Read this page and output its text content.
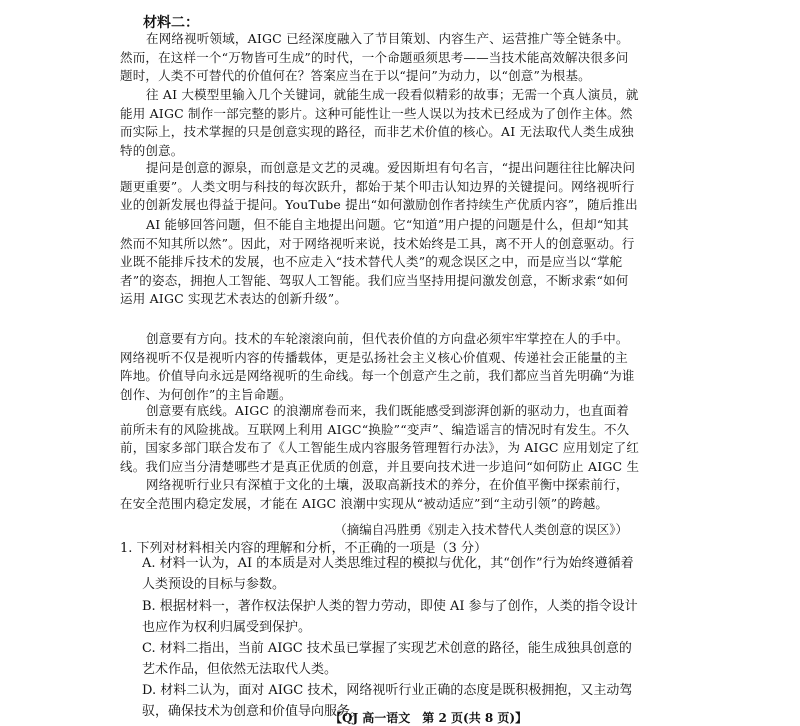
材料二：
在网络视听领域，AIGC 已经深度融入了节目策划、内容生产、运营推广等全链条中。然而，在这样一个“万物皆可生成”的时代，一个命题亟须思考——当技术能高效解决很多问题时，人类不可替代的价值何在？答案应当在于以“提问”为动力，以“创意”为根基。
往 AI 大模型里输入几个关键词，就能生成一段看似精彩的故事；无需一个真人演员，就能用 AIGC 制作一部完整的影片。这种可能性让一些人误以为技术已经成为了创作主体。然而实际上，技术掌握的只是创意实现的路径，而非艺术价值的核心。AI 无法取代人类生成独特的创意。
提问是创意的源泉，而创意是文艺的灵魂。爱因斯坦有句名言，“提出问题往往比解决问题更重要”。人类文明与科技的每次跃升，都始于某个叩击认知边界的关键提问。网络视听行业的创新发展也得益于提问。YouTube 提出“如何激励创作者持续生产优质内容”，随后推出
AI 能够回答问题，但不能自主地提出问题。它“知道”用户提的问题是什么，但却“知其然而不知其所以然”。因此，对于网络视听来说，技术始终是工具，离不开人的创意驱动。行业既不能排斥技术的发展，也不应走入“技术替代人类”的观念误区之中，而是应当以“掌舵者”的姿态，拥抱人工智能、驾驭人工智能。我们应当坚持用提问激发创意，不断求索“如何运用 AIGC 实现艺术表达的创新升级”。
创意要有方向。技术的车轮滚滚向前，但代表价值的方向盘必须牢牢掌控在人的手中。网络视听不仅是视听内容的传播载体，更是弘扬社会主义核心价值观、传递社会正能量的主阵地。价值导向永远是网络视听的生命线。每一个创意产生之前，我们都应当首先明确“为谁创作、为何创作”的主旨命题。
创意要有底线。AIGC 的浪潮席卷而来，我们既能感受到澎湃创新的驱动力，也直面着前所未有的风险挑战。互联网上利用 AIGC“换脸”“变声”、编造谣言的情况时有发生。不久前，国家多部门联合发布了《人工智能生成内容服务管理暂行办法》，为 AIGC 应用划定了红线。我们应当分清楚哪些才是真正优质的创意，并且要向技术进一步追问“如何防止 AIGC 生
网络视听行业只有深植于文化的土壤，汲取高新技术的养分，在价值平衡中探索前行，在安全范围内稳定发展，才能在 AIGC 浪潮中实现从“被动适应”到“主动引领”的跨越。
（摘编自冯胜勇《别走入技术替代人类创意的误区》）
1. 下列对材料相关内容的理解和分析，不正确的一项是（3 分）
A. 材料一认为，AI 的本质是对人类思维过程的模拟与优化，其“创作”行为始终遵循着人类预设的目标与参数。
B. 根据材料一，著作权法保护人类的智力劳动，即使 AI 参与了创作，人类的指令设计也应作为权利归属受到保护。
C. 材料二指出，当前 AIGC 技术虽已掌握了实现艺术创意的路径，能生成独具创意的艺术作品，但依然无法取代人类。
D. 材料二认为，面对 AIGC 技术，网络视听行业正确的态度是既积极拥抱，又主动驾驭，确保技术为创意和价值导向服务。
【QJ 高一语文　第 2 页(共 8 页)】
